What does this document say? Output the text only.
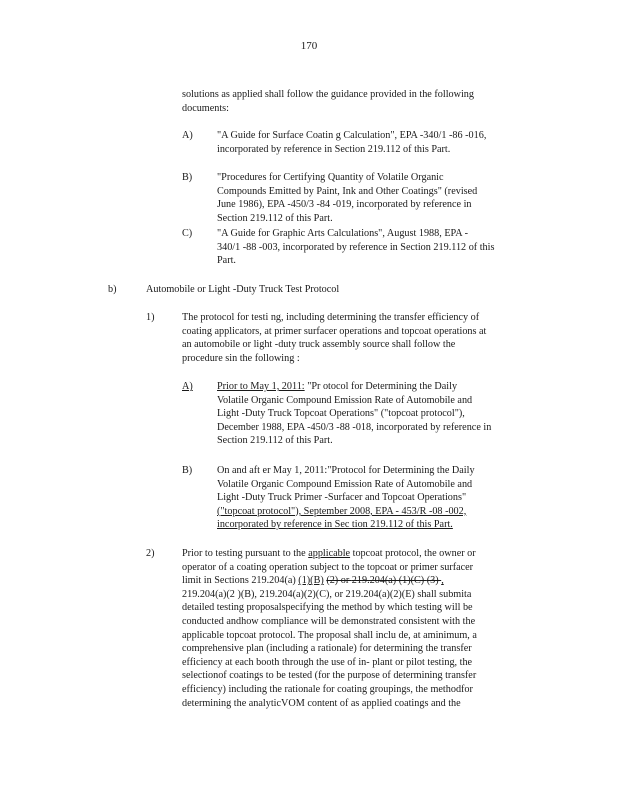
170
solutions as applied shall follow the guidance provided in the following
documents:
A) "A Guide for Surface Coatin g Calculation", EPA -340/1 -86 -016,
incorporated by reference in Section 219.112 of this Part.
B) "Procedures for Certifying Quantity of Volatile Organic
Compounds Emitted by Paint, Ink and Other Coatings" (revised
June 1986), EPA -450/3 -84 -019, incorporated by reference in
Section 219.112 of this Part.
C) "A Guide for Graphic Arts Calculations", August 1988, EPA -
340/1 -88 -003, incorporated by reference in Section 219.112 of this
Part.
b)	Automobile or Light -Duty Truck Test Protocol
1)	The protocol for testi ng, including determining the transfer efficiency of
coating applicators, at primer surfacer operations and topcoat operations at
an automobile or light -duty truck assembly source shall follow the
procedure sin the following :
A) Prior to May 1, 2011: "Pr otocol for Determining the Daily
Volatile Organic Compound Emission Rate of Automobile and
Light -Duty Truck Topcoat Operations" ("topcoat protocol"),
December 1988, EPA -450/3 -88 -018, incorporated by reference in
Section 219.112 of this Part.
B) On and aft er May 1, 2011:"Protocol for Determining the Daily
Volatile Organic Compound Emission Rate of Automobile and
Light -Duty Truck Primer -Surfacer and Topcoat Operations"
("topcoat protocol"), September 2008, EPA - 453/R -08 -002,
incorporated by reference in Sec tion 219.112 of this Part.
2)	Prior to testing pursuant to the applicable topcoat protocol, the owner or
operator of a coating operation subject to the topcoat or primer surfacer
limit in Sections 219.204(a) (1)(B) (2) or 219.204(a) (1)(C) (3) ,
219.204(a)(2 )(B), 219.204(a)(2)(C), or 219.204(a)(2)(E) shall submita
detailed testing proposalspecifying the method by which testing will be
conducted andhow compliance will be demonstrated consistent with the
applicable topcoat protocol. The proposal shall inclu de, at aminimum, a
comprehensive plan (including a rationale) for determining the transfer
efficiency at each booth through the use of in- plant or pilot testing, the
selectionof coatings to be tested (for the purpose of determining transfer
efficiency) including the rationale for coating groupings, the methodfor
determining the analyticVOM content of as applied coatings and the
